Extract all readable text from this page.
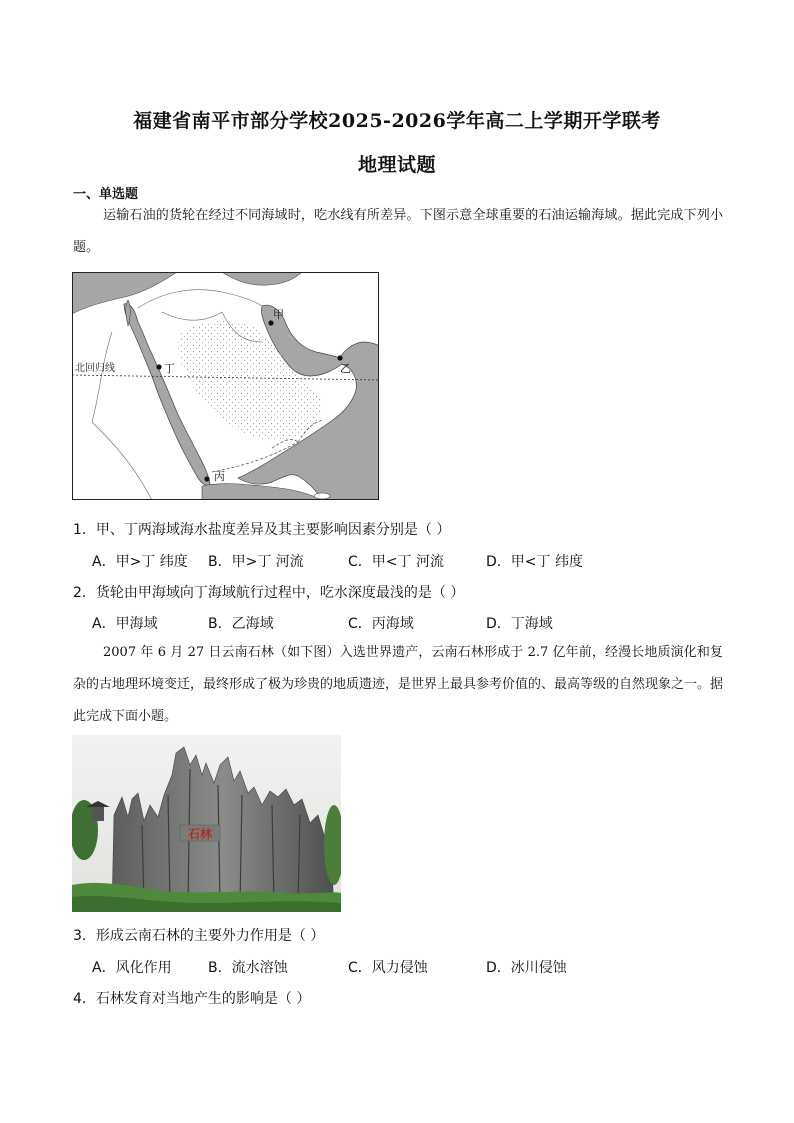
福建省南平市部分学校2025-2026学年高二上学期开学联考
地理试题
一、单选题
运输石油的货轮在经过不同海域时，吃水线有所差异。下图示意全球重要的石油运输海域。据此完成下列小题。
北回归线
甲
乙
丁
丙
1．甲、丁两海域海水盐度差异及其主要影响因素分别是（ ）
A．甲>丁 纬度 B．甲>丁 河流	C．甲<丁 河流	D．甲<丁 纬度
2．货轮由甲海域向丁海域航行过程中，吃水深度最浅的是（ ）
A．甲海域	B．乙海域	C．丙海域	D．丁海域
2007 年 6 月 27 日云南石林（如下图）入选世界遗产，云南石林形成于 2.7 亿年前，经漫长地质演化和复杂的古地理环境变迁，最终形成了极为珍贵的地质遗迹，是世界上最具参考价值的、最高等级的自然现象之一。据此完成下面小题。
石林
3．形成云南石林的主要外力作用是（ ）
A．风化作用	B．流水溶蚀	C．风力侵蚀	D．冰川侵蚀
4．石林发育对当地产生的影响是（ ）
